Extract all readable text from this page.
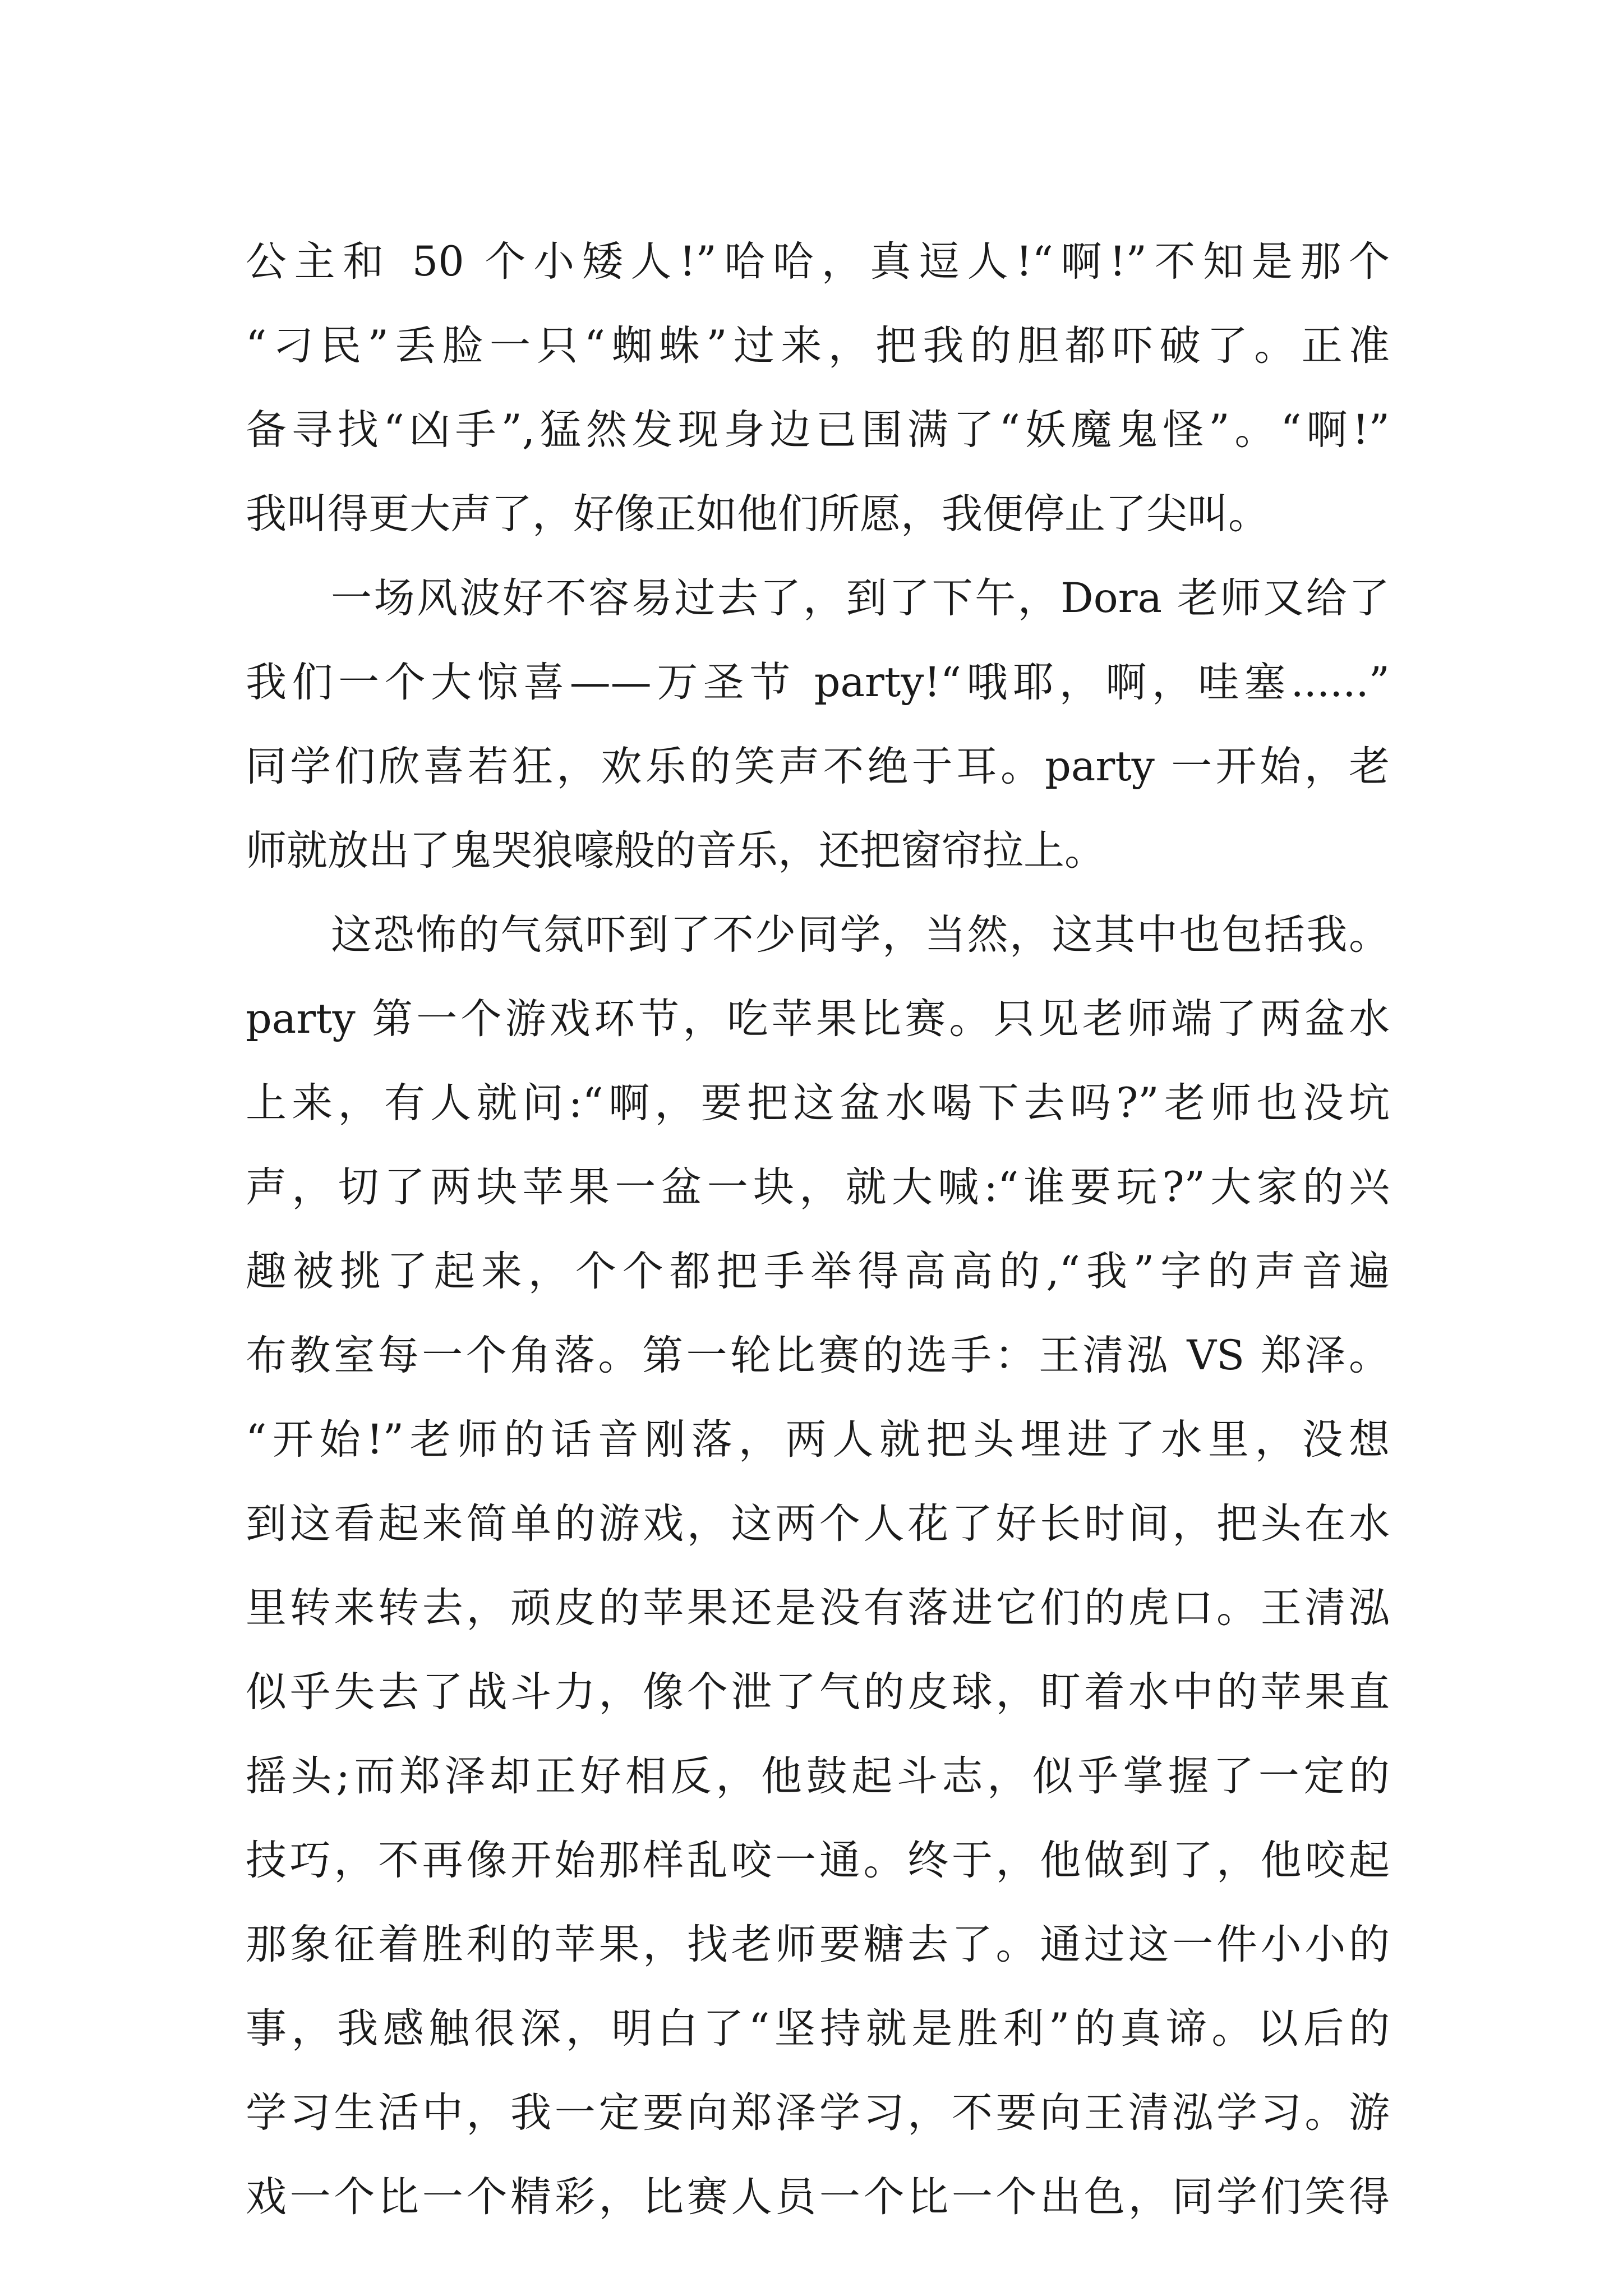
公主和 50 个小矮人!”哈哈，真逗人!“啊!”不知是那个
“刁民”丢脸一只“蜘蛛”过来，把我的胆都吓破了。正准
备寻找“凶手”,猛然发现身边已围满了“妖魔鬼怪”。“啊!”
我叫得更大声了，好像正如他们所愿，我便停止了尖叫。
一场风波好不容易过去了，到了下午，Dora 老师又给了
我们一个大惊喜——万圣节 party!“哦耶，啊，哇塞......”
同学们欣喜若狂，欢乐的笑声不绝于耳。party 一开始，老
师就放出了鬼哭狼嚎般的音乐，还把窗帘拉上。
这恐怖的气氛吓到了不少同学，当然，这其中也包括我。
party 第一个游戏环节，吃苹果比赛。只见老师端了两盆水
上来，有人就问:“啊，要把这盆水喝下去吗?”老师也没坑
声，切了两块苹果一盆一块，就大喊:“谁要玩?”大家的兴
趣被挑了起来，个个都把手举得高高的,“我”字的声音遍
布教室每一个角落。第一轮比赛的选手：王清泓 VS 郑泽。
“开始!”老师的话音刚落，两人就把头埋进了水里，没想
到这看起来简单的游戏，这两个人花了好长时间，把头在水
里转来转去，顽皮的苹果还是没有落进它们的虎口。王清泓
似乎失去了战斗力，像个泄了气的皮球，盯着水中的苹果直
摇头;而郑泽却正好相反，他鼓起斗志，似乎掌握了一定的
技巧，不再像开始那样乱咬一通。终于，他做到了，他咬起
那象征着胜利的苹果，找老师要糖去了。通过这一件小小的
事，我感触很深，明白了“坚持就是胜利”的真谛。以后的
学习生活中，我一定要向郑泽学习，不要向王清泓学习。游
戏一个比一个精彩，比赛人员一个比一个出色，同学们笑得
